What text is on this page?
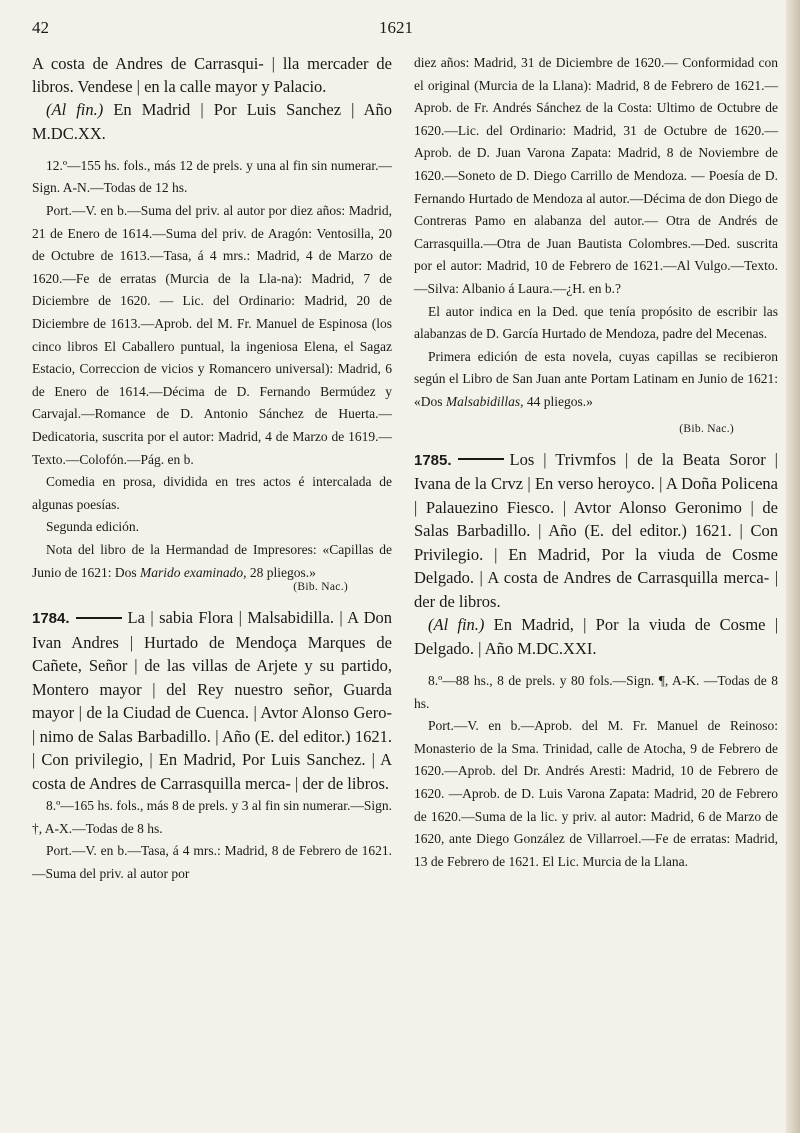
42	1621

A costa de Andres de Carrasqui- | lla mercader de libros. Vendese | en la calle mayor y Palacio.

(Al fin.) En Madrid | Por Luis Sanchez | Año M.DC.XX.

12.º—155 hs. fols., más 12 de prels. y una al fin sin numerar.—Sign. A-N.—Todas de 12 hs.

Port.—V. en b.—Suma del priv. al autor por diez años: Madrid, 21 de Enero de 1614.—Suma del priv. de Aragón: Ventosilla, 20 de Octubre de 1613.—Tasa, á 4 mrs.: Madrid, 4 de Marzo de 1620.—Fe de erratas (Murcia de la Lla-na): Madrid, 7 de Diciembre de 1620. — Lic. del Ordinario: Madrid, 20 de Diciembre de 1613.—Aprob. del M. Fr. Manuel de Espinosa (los cinco libros El Caballero puntual, la ingeniosa Elena, el Sagaz Estacio, Correccion de vicios y Romancero universal): Madrid, 6 de Enero de 1614.—Décima de D. Fernando Bermúdez y Carvajal.—Romance de D. Antonio Sánchez de Huerta.—Dedicatoria, suscrita por el autor: Madrid, 4 de Marzo de 1619.—Texto.—Colofón.—Pág. en b.

Comedia en prosa, dividida en tres actos é intercalada de algunas poesías.

Segunda edición.

Nota del libro de la Hermandad de Impresores: «Capillas de Junio de 1621: Dos Marido examinado, 28 pliegos.»

(Bib. Nac.)

1784.	La | sabia Flora | Malsabidilla. | A Don Ivan Andres | Hurtado de Mendoça Marques de Cañete, Señor | de las villas de Arjete y su partido, Montero mayor | del Rey nuestro señor, Guarda mayor | de la Ciudad de Cuenca. | Avtor Alonso Gero- | nimo de Salas Barbadillo. | Año (E. del editor.) 1621. | Con privilegio, | En Madrid, Por Luis Sanchez. | A costa de Andres de Carrasquilla merca- | der de libros.

8.º—165 hs. fols., más 8 de prels. y 3 al fin sin numerar.—Sign. †, A-X.—Todas de 8 hs.

Port.—V. en b.—Tasa, á 4 mrs.: Madrid, 8 de Febrero de 1621.—Suma del priv. al autor por

diez años: Madrid, 31 de Diciembre de 1620.— Conformidad con el original (Murcia de la Llana): Madrid, 8 de Febrero de 1621.—Aprob. de Fr. Andrés Sánchez de la Costa: Ultimo de Octubre de 1620.—Lic. del Ordinario: Madrid, 31 de Octubre de 1620.—Aprob. de D. Juan Varona Zapata: Madrid, 8 de Noviembre de 1620.—Soneto de D. Diego Carrillo de Mendoza. — Poesía de D. Fernando Hurtado de Mendoza al autor.—Décima de don Diego de Contreras Pamo en alabanza del autor.— Otra de Andrés de Carrasquilla.—Otra de Juan Bautista Colombres.—Ded. suscrita por el autor: Madrid, 10 de Febrero de 1621.—Al Vulgo.—Texto.—Silva: Albanio á Laura.—¿H. en b.?

El autor indica en la Ded. que tenía propósito de escribir las alabanzas de D. García Hurtado de Mendoza, padre del Mecenas.

Primera edición de esta novela, cuyas capillas se recibieron según el Libro de San Juan ante Portam Latinam en Junio de 1621: «Dos Malsabidillas, 44 pliegos.»

(Bib. Nac.)

1785.	Los | Trivmfos | de la Beata Soror | Ivana de la Crvz | En verso heroyco. | A Doña Policena | Palauezino Fiesco. | Avtor Alonso Geronimo | de Salas Barbadillo. | Año (E. del editor.) 1621. | Con Privilegio. | En Madrid, Por la viuda de Cosme Delgado. | A costa de Andres de Carrasquilla merca- | der de libros.

(Al fin.) En Madrid, | Por la viuda de Cosme | Delgado. | Año M.DC.XXI.

8.º—88 hs., 8 de prels. y 80 fols.—Sign. ¶, A-K. —Todas de 8 hs.

Port.—V. en b.—Aprob. del M. Fr. Manuel de Reinoso: Monasterio de la Sma. Trinidad, calle de Atocha, 9 de Febrero de 1620.—Aprob. del Dr. Andrés Aresti: Madrid, 10 de Febrero de 1620. —Aprob. de D. Luis Varona Zapata: Madrid, 20 de Febrero de 1620.—Suma de la lic. y priv. al autor: Madrid, 6 de Marzo de 1620, ante Diego González de Villarroel.—Fe de erratas: Madrid, 13 de Febrero de 1621. El Lic. Murcia de la Llana.
